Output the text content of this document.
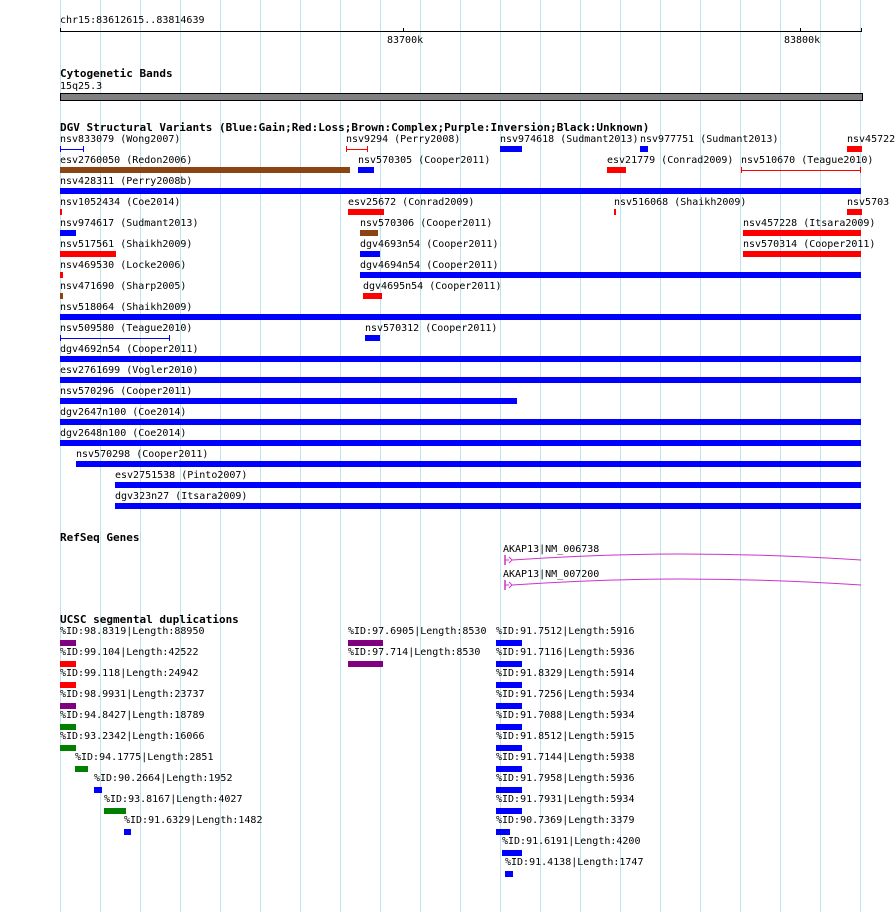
chr15:83612615..83814639
83700k	83800k
Cytogenetic Bands
15q25.3
DGV Structural Variants (Blue:Gain;Red:Loss;Brown:Complex;Purple:Inversion;Black:Unknown)
nsv833079 (Wong2007)	nsv9294 (Perry2008)	nsv974618 (Sudmant2013) nsv977751 (Sudmant2013)	nsv45722
esv2760050 (Redon2006)	nsv570305 (Cooper2011)	esv21779 (Conrad2009) nsv510670 (Teague2010)
nsv428311 (Perry2008b)
nsv1052434 (Coe2014)	esv25672 (Conrad2009)	nsv516068 (Shaikh2009)	nsv5703
nsv974617 (Sudmant2013)	nsv570306 (Cooper2011)	nsv457228 (Itsara2009)
nsv517561 (Shaikh2009)	dgv4693n54 (Cooper2011)	nsv570314 (Cooper2011)
nsv469530 (Locke2006)	dgv4694n54 (Cooper2011)
nsv471690 (Sharp2005)	dgv4695n54 (Cooper2011)
nsv518064 (Shaikh2009)
nsv509580 (Teague2010)	nsv570312 (Cooper2011)
dgv4692n54 (Cooper2011)
esv2761699 (Vogler2010)
nsv570296 (Cooper2011)
dgv2647n100 (Coe2014)
dgv2648n100 (Coe2014)
nsv570298 (Cooper2011)
esv2751538 (Pinto2007)
dgv323n27 (Itsara2009)
RefSeq Genes
AKAP13|NM_006738
AKAP13|NM_007200
UCSC segmental duplications
%ID:98.8319|Length:88950
%ID:99.104|Length:42522
%ID:99.118|Length:24942
%ID:98.9931|Length:23737
%ID:94.8427|Length:18789
%ID:93.2342|Length:16066
%ID:94.1775|Length:2851
%ID:90.2664|Length:1952
%ID:93.8167|Length:4027
%ID:91.6329|Length:1482
%ID:97.6905|Length:8530
%ID:97.714|Length:8530
%ID:91.7512|Length:5916
%ID:91.7116|Length:5936
%ID:91.8329|Length:5914
%ID:91.7256|Length:5934
%ID:91.7088|Length:5934
%ID:91.8512|Length:5915
%ID:91.7144|Length:5938
%ID:91.7958|Length:5936
%ID:91.7931|Length:5934
%ID:90.7369|Length:3379
%ID:91.6191|Length:4200
%ID:91.4138|Length:1747
